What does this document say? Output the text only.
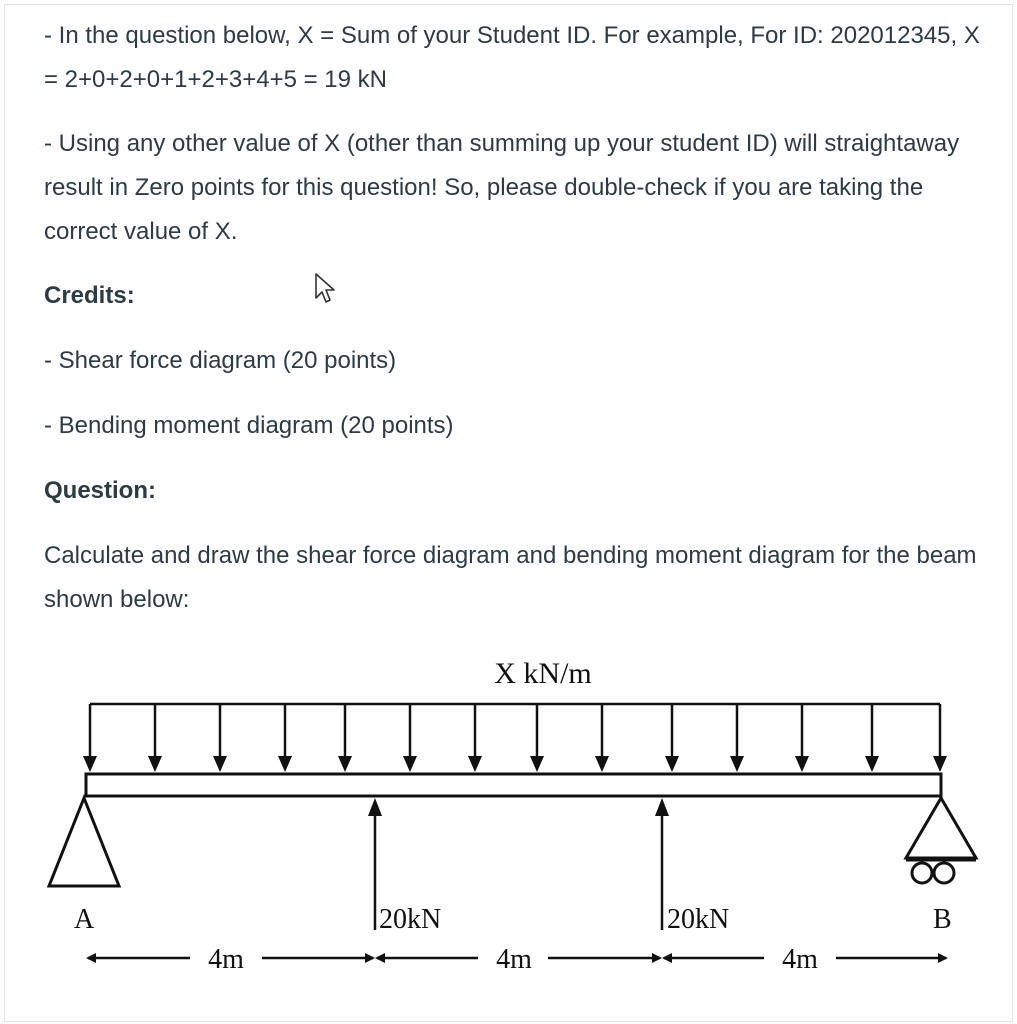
- In the question below, X = Sum of your Student ID. For example, For ID: 202012345, X = 2+0+2+0+1+2+3+4+5 = 19 kN

- Using any other value of X (other than summing up your student ID) will straightaway result in Zero points for this question! So, please double-check if you are taking the correct value of X.

Credits:

- Shear force diagram (20 points)

- Bending moment diagram (20 points)

Question:

Calculate and draw the shear force diagram and bending moment diagram for the beam shown below:

X kN/m
20kN	20kN
A	B
4m	4m	4m
